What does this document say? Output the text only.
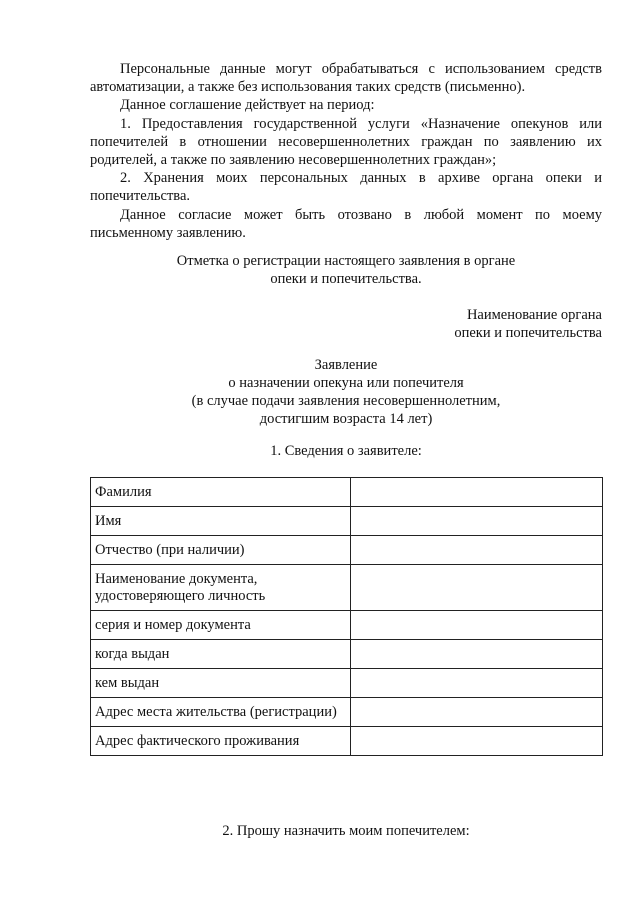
Персональные данные могут обрабатываться с использованием средств автоматизации, а также без использования таких средств (письменно).

Данное соглашение действует на период:

1. Предоставления государственной услуги «Назначение опекунов или попечителей в отношении несовершеннолетних граждан по заявлению их родителей, а также по заявлению несовершеннолетних граждан»;

2. Хранения моих персональных данных в архиве органа опеки и попечительства.

Данное согласие может быть отозвано в любой момент по моему письменному заявлению.

Отметка о регистрации настоящего заявления в органе

опеки и попечительства.

Наименование органа

опеки и попечительства

Заявление

о назначении опекуна или попечителя

(в случае подачи заявления несовершеннолетним,

достигшим возраста 14 лет)

1. Сведения о заявителе:

Фамилия	
Имя	
Отчество (при наличии)	

Наименование документа,
удостоверяющего личность	

серия и номер документа	
когда выдан	
кем выдан	
Адрес места жительства (регистрации)	
Адрес фактического проживания	

2. Прошу назначить моим попечителем:
